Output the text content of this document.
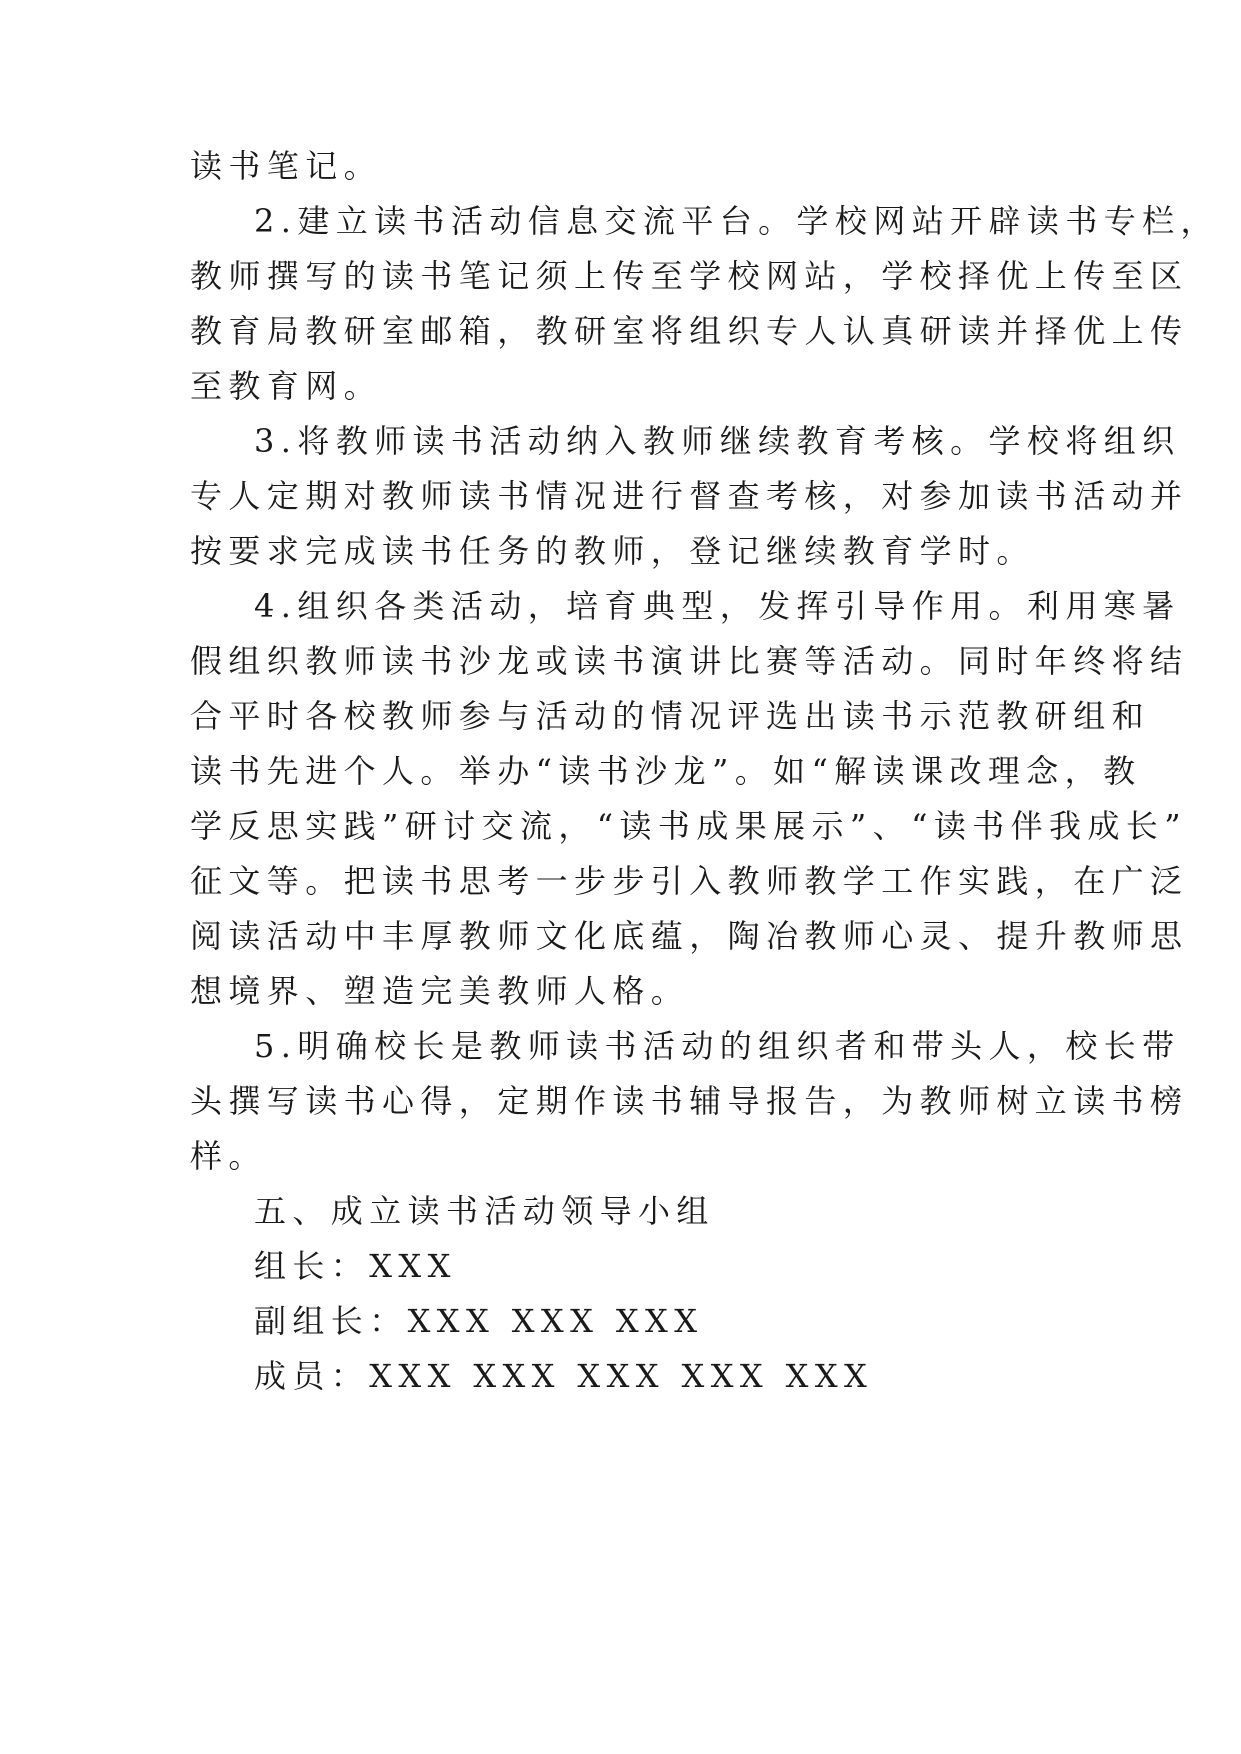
读书笔记。
2.建立读书活动信息交流平台。学校网站开辟读书专栏，
教师撰写的读书笔记须上传至学校网站，学校择优上传至区
教育局教研室邮箱，教研室将组织专人认真研读并择优上传
至教育网。
3.将教师读书活动纳入教师继续教育考核。学校将组织
专人定期对教师读书情况进行督查考核，对参加读书活动并
按要求完成读书任务的教师，登记继续教育学时。
4.组织各类活动，培育典型，发挥引导作用。利用寒暑
假组织教师读书沙龙或读书演讲比赛等活动。同时年终将结
合平时各校教师参与活动的情况评选出读书示范教研组和
读书先进个人。举办“读书沙龙”。如“解读课改理念，教
学反思实践”研讨交流，“读书成果展示”、“读书伴我成长”
征文等。把读书思考一步步引入教师教学工作实践，在广泛
阅读活动中丰厚教师文化底蕴，陶冶教师心灵、提升教师思
想境界、塑造完美教师人格。
5.明确校长是教师读书活动的组织者和带头人，校长带
头撰写读书心得，定期作读书辅导报告，为教师树立读书榜
样。
五、成立读书活动领导小组
组长：XXX
副组长：XXX XXX XXX
成员：XXX XXX XXX XXX XXX
